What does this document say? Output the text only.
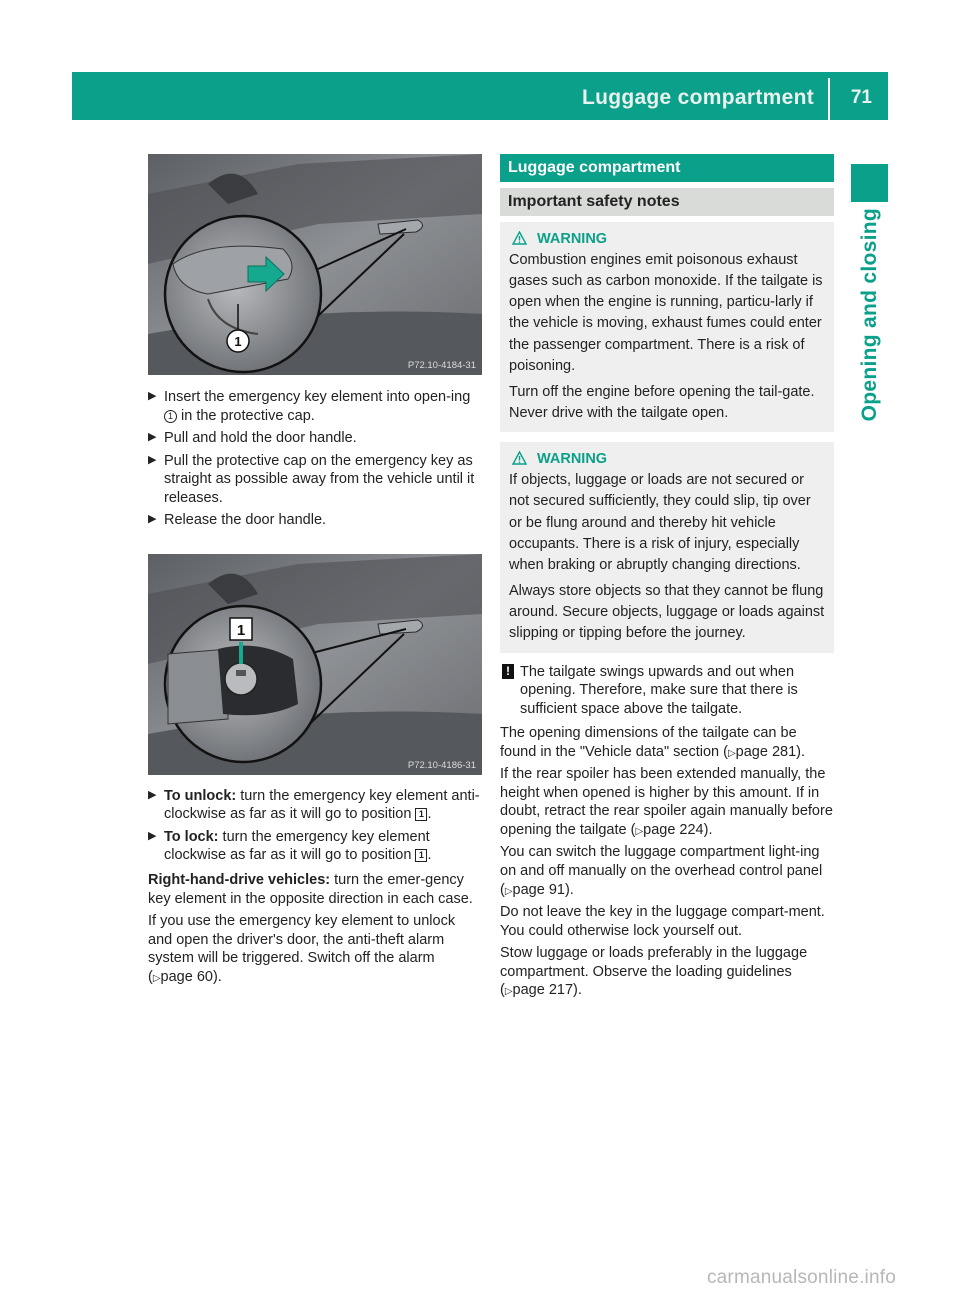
Luggage compartment 71
Opening and closing
1
P72.10-4184-31
▶ Insert the emergency key element into open-ing 1 in the protective cap.
▶ Pull and hold the door handle.
▶ Pull the protective cap on the emergency key as straight as possible away from the vehicle until it releases.
▶ Release the door handle.
1
P72.10-4186-31
▶ To unlock: turn the emergency key element anti-clockwise as far as it will go to position 1 .
▶ To lock: turn the emergency key element clockwise as far as it will go to position 1 .
Right-hand-drive vehicles: turn the emer-gency key element in the opposite direction in each case.
If you use the emergency key element to unlock and open the driver's door, the anti-theft alarm system will be triggered. Switch off the alarm (▷page 60).
Luggage compartment
Important safety notes
WARNING
Combustion engines emit poisonous exhaust gases such as carbon monoxide. If the tailgate is open when the engine is running, particu-larly if the vehicle is moving, exhaust fumes could enter the passenger compartment. There is a risk of poisoning.
Turn off the engine before opening the tail-gate. Never drive with the tailgate open.
WARNING
If objects, luggage or loads are not secured or not secured sufficiently, they could slip, tip over or be flung around and thereby hit vehicle occupants. There is a risk of injury, especially when braking or abruptly changing directions.
Always store objects so that they cannot be flung around. Secure objects, luggage or loads against slipping or tipping before the journey.
! The tailgate swings upwards and out when opening. Therefore, make sure that there is sufficient space above the tailgate.
The opening dimensions of the tailgate can be found in the "Vehicle data" section (▷page 281).
If the rear spoiler has been extended manually, the height when opened is higher by this amount. If in doubt, retract the rear spoiler again manually before opening the tailgate (▷page 224).
You can switch the luggage compartment light-ing on and off manually on the overhead control panel (▷page 91).
Do not leave the key in the luggage compart-ment. You could otherwise lock yourself out.
Stow luggage or loads preferably in the luggage compartment. Observe the loading guidelines (▷page 217).
carmanualsonline.info
